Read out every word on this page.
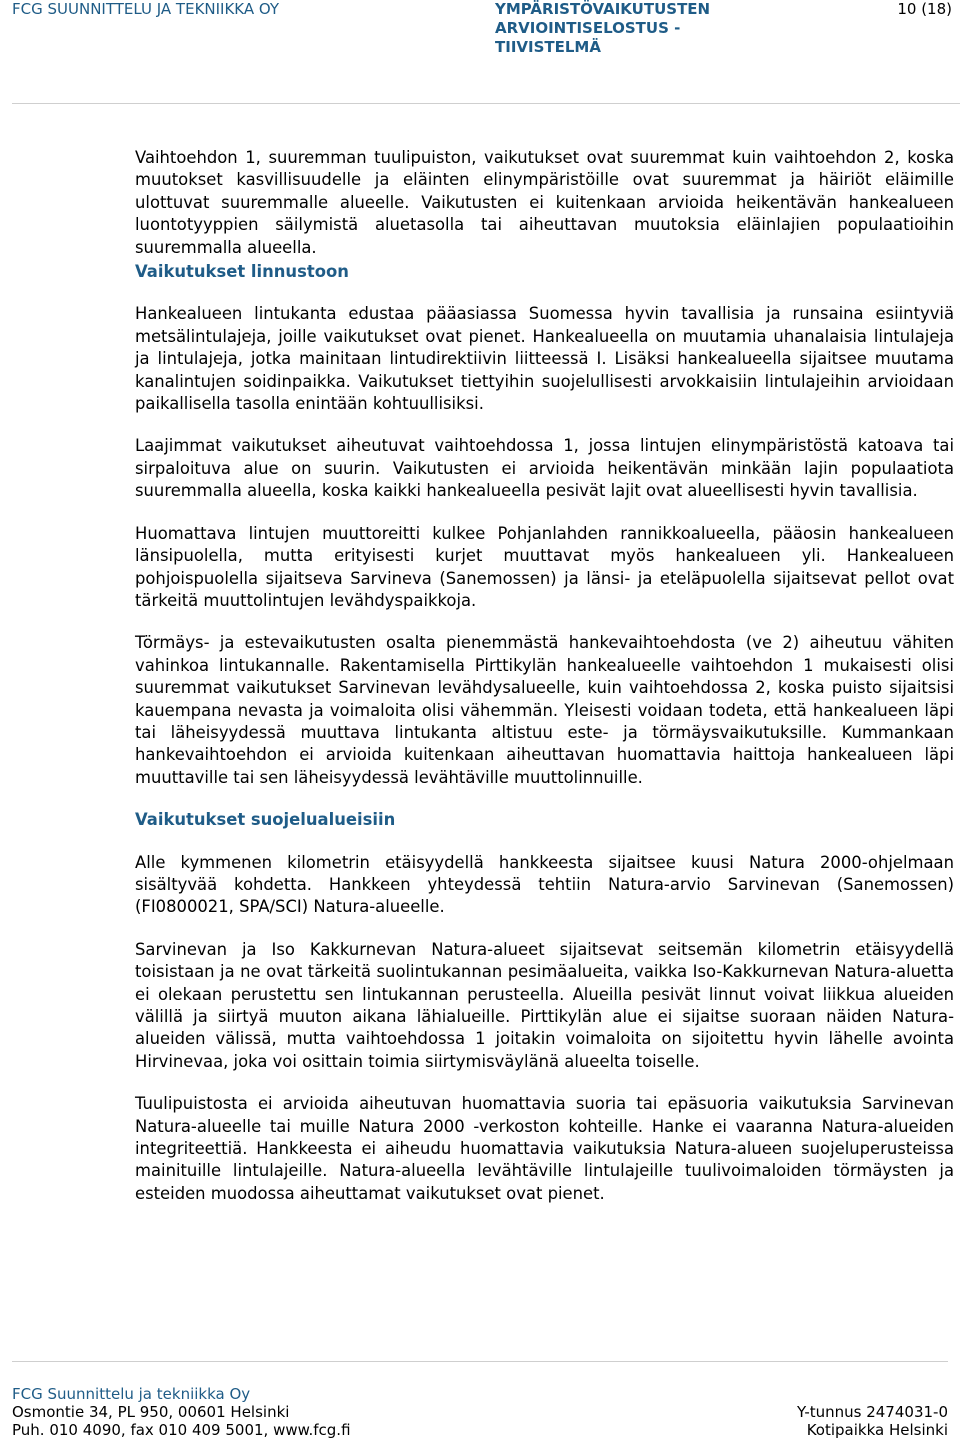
FCG SUUNNITTELU JA TEKNIIKKA OY	YMPÄRISTÖVAIKUTUSTEN ARVIOINTISELOSTUS - TIIVISTELMÄ
10 (18)

Vaihtoehdon 1, suuremman tuulipuiston, vaikutukset ovat suuremmat kuin vaihtoehdon 2, koska muutokset kasvillisuudelle ja eläinten elinympäristöille ovat suuremmat ja häiriöt eläimille ulottuvat suuremmalle alueelle. Vaikutusten ei kuitenkaan arvioida heikentävän hankealueen luontotyyppien säilymistä aluetasolla tai aiheuttavan muutoksia eläinlajien populaatioihin suuremmalla alueella.

Vaikutukset linnustoon

Hankealueen lintukanta edustaa pääasiassa Suomessa hyvin tavallisia ja runsaina esiintyviä metsälintulajeja, joille vaikutukset ovat pienet. Hankealueella on muutamia uhanalaisia lintulajeja ja lintulajeja, jotka mainitaan lintudirektiivin liitteessä I. Lisäksi hankealueella sijaitsee muutama kanalintujen soidinpaikka. Vaikutukset tiettyihin suojelullisesti arvokkaisiin lintulajeihin arvioidaan paikallisella tasolla enintään kohtuullisiksi.

Laajimmat vaikutukset aiheutuvat vaihtoehdossa 1, jossa lintujen elinympäristöstä katoava tai sirpaloituva alue on suurin. Vaikutusten ei arvioida heikentävän minkään lajin populaatiota suuremmalla alueella, koska kaikki hankealueella pesivät lajit ovat alueellisesti hyvin tavallisia.

Huomattava lintujen muuttoreitti kulkee Pohjanlahden rannikkoalueella, pääosin hankealueen länsipuolella, mutta erityisesti kurjet muuttavat myös hankealueen yli. Hankealueen pohjoispuolella sijaitseva Sarvineva (Sanemossen) ja länsi- ja eteläpuolella sijaitsevat pellot ovat tärkeitä muuttolintujen levähdyspaikkoja.

Törmäys- ja estevaikutusten osalta pienemmästä hankevaihtoehdosta (ve 2) aiheutuu vähiten vahinkoa lintukannalle. Rakentamisella Pirttikylän hankealueelle vaihtoehdon 1 mukaisesti olisi suuremmat vaikutukset Sarvinevan levähdysalueelle, kuin vaihtoehdossa 2, koska puisto sijaitsisi kauempana nevasta ja voimaloita olisi vähemmän. Yleisesti voidaan todeta, että hankealueen läpi tai läheisyydessä muuttava lintukanta altistuu este- ja törmäysvaikutuksille. Kummankaan hankevaihtoehdon ei arvioida kuitenkaan aiheuttavan huomattavia haittoja hankealueen läpi muuttaville tai sen läheisyydessä levähtäville muuttolinnuille.

Vaikutukset suojelualueisiin

Alle kymmenen kilometrin etäisyydellä hankkeesta sijaitsee kuusi Natura 2000-ohjelmaan sisältyvää kohdetta. Hankkeen yhteydessä tehtiin Natura-arvio Sarvinevan (Sanemossen) (FI0800021, SPA/SCI) Natura-alueelle.

Sarvinevan ja Iso Kakkurnevan Natura-alueet sijaitsevat seitsemän kilometrin etäisyydellä toisistaan ja ne ovat tärkeitä suolintukannan pesimäalueita, vaikka Iso-Kakkurnevan Natura-aluetta ei olekaan perustettu sen lintukannan perusteella. Alueilla pesivät linnut voivat liikkua alueiden välillä ja siirtyä muuton aikana lähialueille. Pirttikylän alue ei sijaitse suoraan näiden Natura-alueiden välissä, mutta vaihtoehdossa 1 joitakin voimaloita on sijoitettu hyvin lähelle avointa Hirvinevaa, joka voi osittain toimia siirtymisväylänä alueelta toiselle.

Tuulipuistosta ei arvioida aiheutuvan huomattavia suoria tai epäsuoria vaikutuksia Sarvinevan Natura-alueelle tai muille Natura 2000 -verkoston kohteille. Hanke ei vaaranna Natura-alueiden integriteettiä. Hankkeesta ei aiheudu huomattavia vaikutuksia Natura-alueen suojeluperusteissa mainituille lintulajeille. Natura-alueella levähtäville lintulajeille tuulivoimaloiden törmäysten ja esteiden muodossa aiheuttamat vaikutukset ovat pienet.

FCG Suunnittelu ja tekniikka Oy
Osmontie 34, PL 950, 00601 Helsinki	Y-tunnus 2474031-0
Puh. 010 4090, fax 010 409 5001, www.fcg.fi	Kotipaikka Helsinki
